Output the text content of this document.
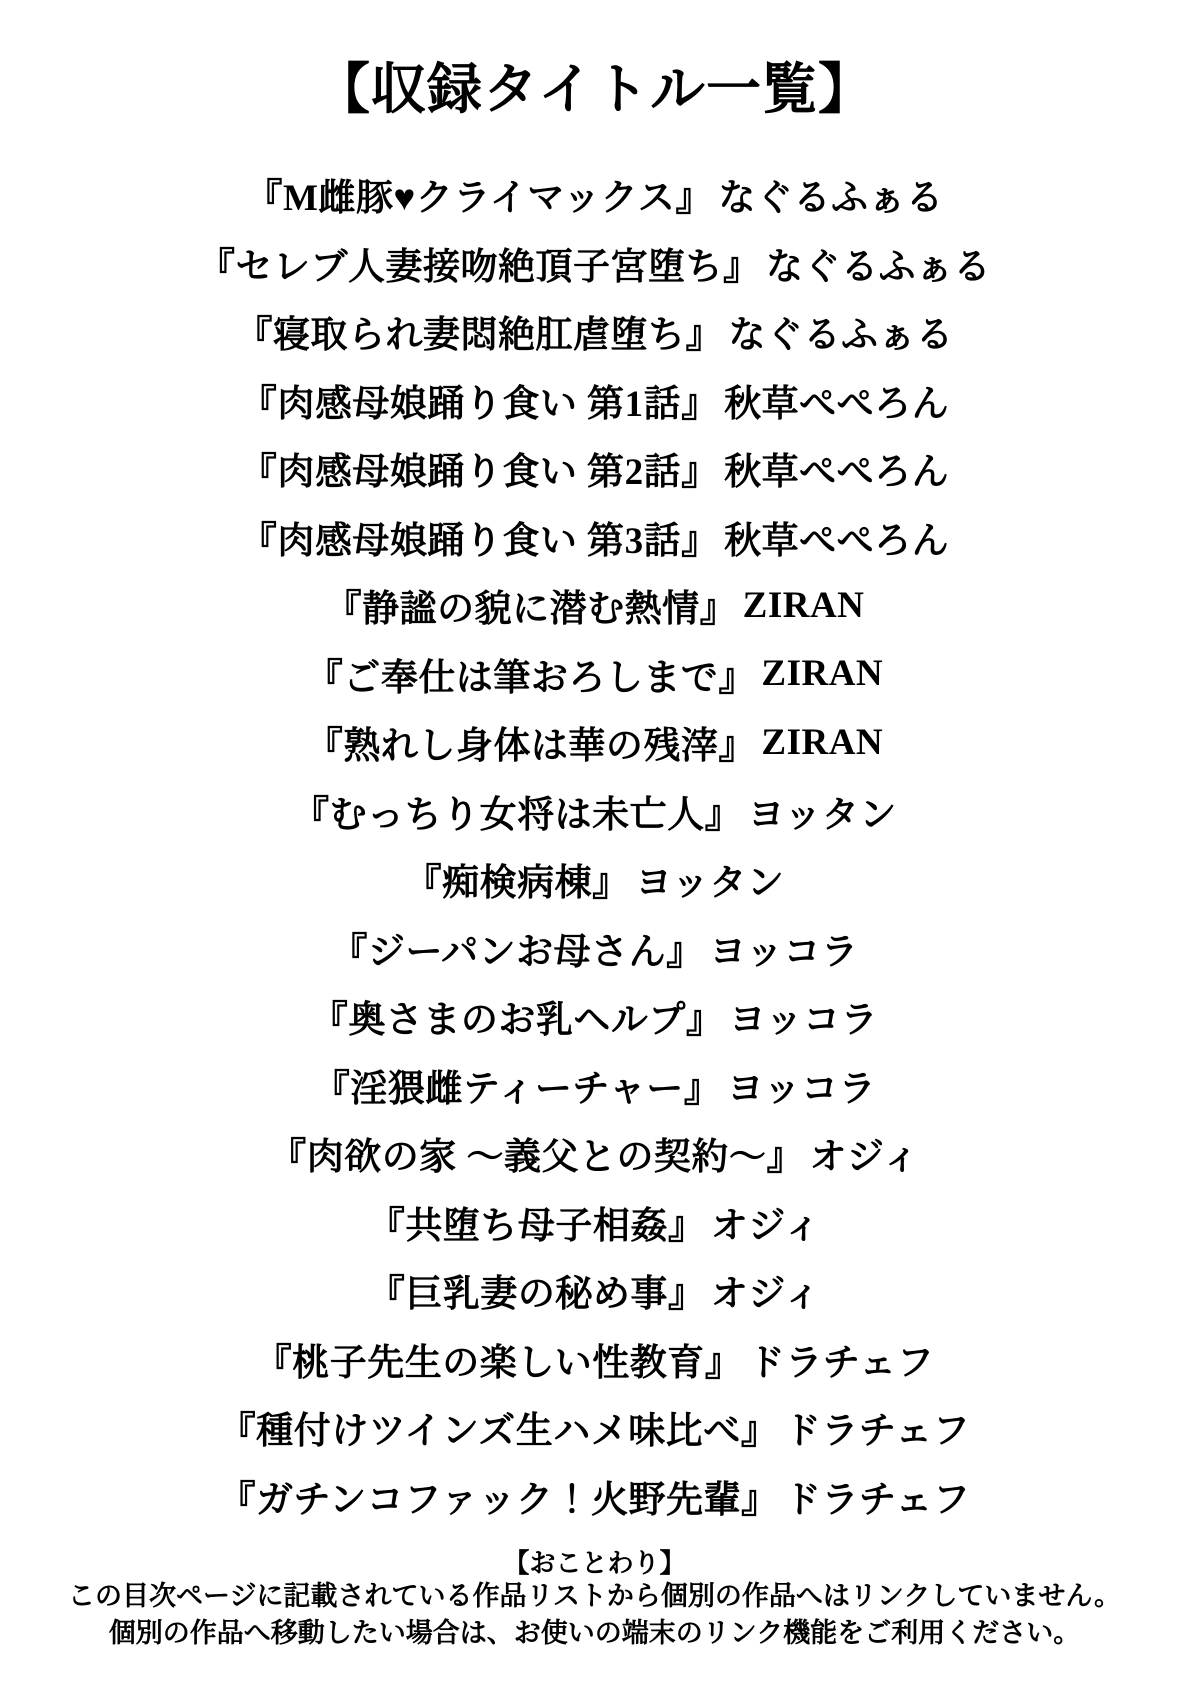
【収録タイトル一覧】
『M雌豚♥クライマックス』 なぐるふぁる
『セレブ人妻接吻絶頂子宮堕ち』 なぐるふぁる
『寝取られ妻悶絶肛虐堕ち』 なぐるふぁる
『肉感母娘踊り食い 第1話』 秋草ぺぺろん
『肉感母娘踊り食い 第2話』 秋草ぺぺろん
『肉感母娘踊り食い 第3話』 秋草ぺぺろん
『静謐の貌に潜む熱情』 ZIRAN
『ご奉仕は筆おろしまで』 ZIRAN
『熟れし身体は華の残滓』 ZIRAN
『むっちり女将は未亡人』 ヨッタン
『痴検病棟』 ヨッタン
『ジーパンお母さん』 ヨッコラ
『奥さまのお乳ヘルプ』 ヨッコラ
『淫猥雌ティーチャー』 ヨッコラ
『肉欲の家 ～義父との契約～』 オジィ
『共堕ち母子相姦』 オジィ
『巨乳妻の秘め事』 オジィ
『桃子先生の楽しい性教育』 ドラチェフ
『種付けツインズ生ハメ味比べ』 ドラチェフ
『ガチンコファック！火野先輩』 ドラチェフ
【おことわり】
この目次ページに記載されている作品リストから個別の作品へはリンクしていません。
個別の作品へ移動したい場合は、お使いの端末のリンク機能をご利用ください。
